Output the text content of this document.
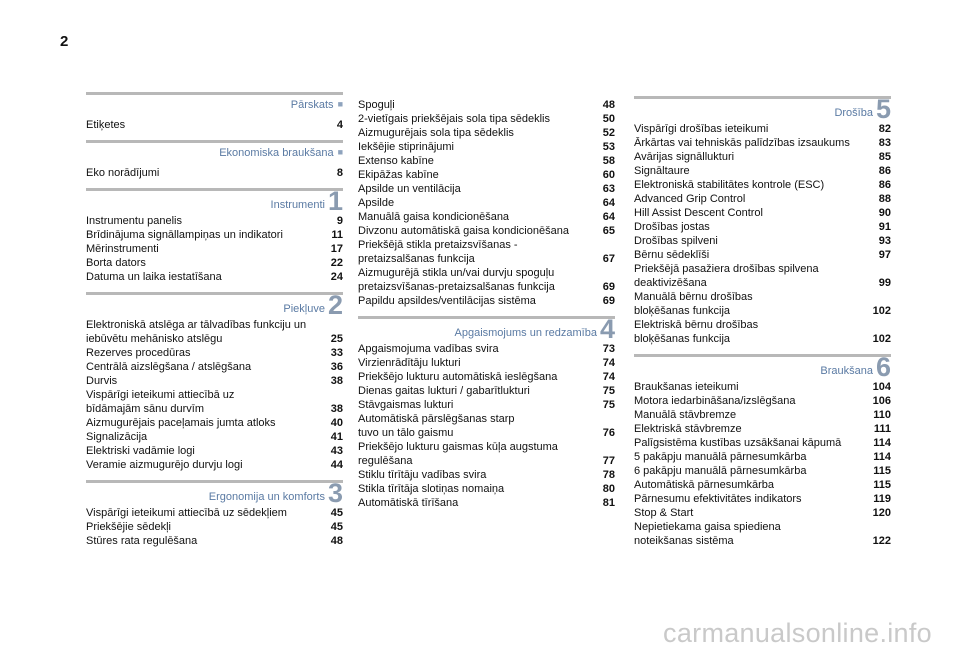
2
Pārskats ■
Etiķetes	4
Ekonomiska braukšana ■
Eko norādījumi	8
Instrumenti 1
Instrumentu panelis	9
Brīdinājuma signāllampiņas un indikatori	11
Mērinstrumenti	17
Borta dators	22
Datuma un laika iestatīšana	24
Piekļuve 2
Elektroniskā atslēga ar tālvadības funkciju un
iebūvētu mehānisko atslēgu	25
Rezerves procedūras	33
Centrālā aizslēgšana / atslēgšana	36
Durvis	38
Vispārīgi ieteikumi attiecībā uz
bīdāmajām sānu durvīm	38
Aizmugurējais paceļamais jumta atloks	40
Signalizācija	41
Elektriski vadāmie logi	43
Veramie aizmugurējo durvju logi	44
Ergonomija un komforts 3
Vispārīgi ieteikumi attiecībā uz sēdekļiem	45
Priekšējie sēdekļi	45
Stūres rata regulēšana	48
Spoguļi	48
2-vietīgais priekšējais sola tipa sēdeklis	50
Aizmugurējais sola tipa sēdeklis	52
Iekšējie stiprinājumi	53
Extenso kabīne	58
Ekipāžas kabīne	60
Apsilde un ventilācija	63
Apsilde	64
Manuālā gaisa kondicionēšana	64
Divzonu automātiskā gaisa kondicionēšana	65
Priekšējā stikla pretaizsvīšanas -
pretaizsalšanas funkcija	67
Aizmugurējā stikla un/vai durvju spoguļu
pretaizsvīšanas-pretaizsalšanas funkcija	69
Papildu apsildes/ventilācijas sistēma	69
Apgaismojums un redzamība 4
Apgaismojuma vadības svira	73
Virzienrādītāju lukturi	74
Priekšējo lukturu automātiskā ieslēgšana	74
Dienas gaitas lukturi / gabarītlukturi	75
Stāvgaismas lukturi	75
Automātiskā pārslēgšanas starp
tuvo un tālo gaismu	76
Priekšējo lukturu gaismas kūļa augstuma
regulēšana	77
Stiklu tīrītāju vadības svira	78
Stikla tīrītāja slotiņas nomaiņa	80
Automātiskā tīrīšana	81
Drošība 5
Vispārīgi drošības ieteikumi	82
Ārkārtas vai tehniskās palīdzības izsaukums	83
Avārijas signāllukturi	85
Signāltaure	86
Elektroniskā stabilitātes kontrole (ESC)	86
Advanced Grip Control	88
Hill Assist Descent Control	90
Drošības jostas	91
Drošības spilveni	93
Bērnu sēdeklīši	97
Priekšējā pasažiera drošības spilvena
deaktivizēšana	99
Manuālā bērnu drošības
bloķēšanas funkcija	102
Elektriskā bērnu drošības
bloķēšanas funkcija	102
Braukšana 6
Braukšanas ieteikumi	104
Motora iedarbināšana/izslēgšana	106
Manuālā stāvbremze	110
Elektriskā stāvbremze	111
Palīgsistēma kustības uzsākšanai kāpumā	114
5 pakāpju manuālā pārnesumkārba	114
6 pakāpju manuālā pārnesumkārba	115
Automātiskā pārnesumkārba	115
Pārnesumu efektivitātes indikators	119
Stop & Start	120
Nepietiekama gaisa spiediena
noteikšanas sistēma	122
carmanualsonline.info
